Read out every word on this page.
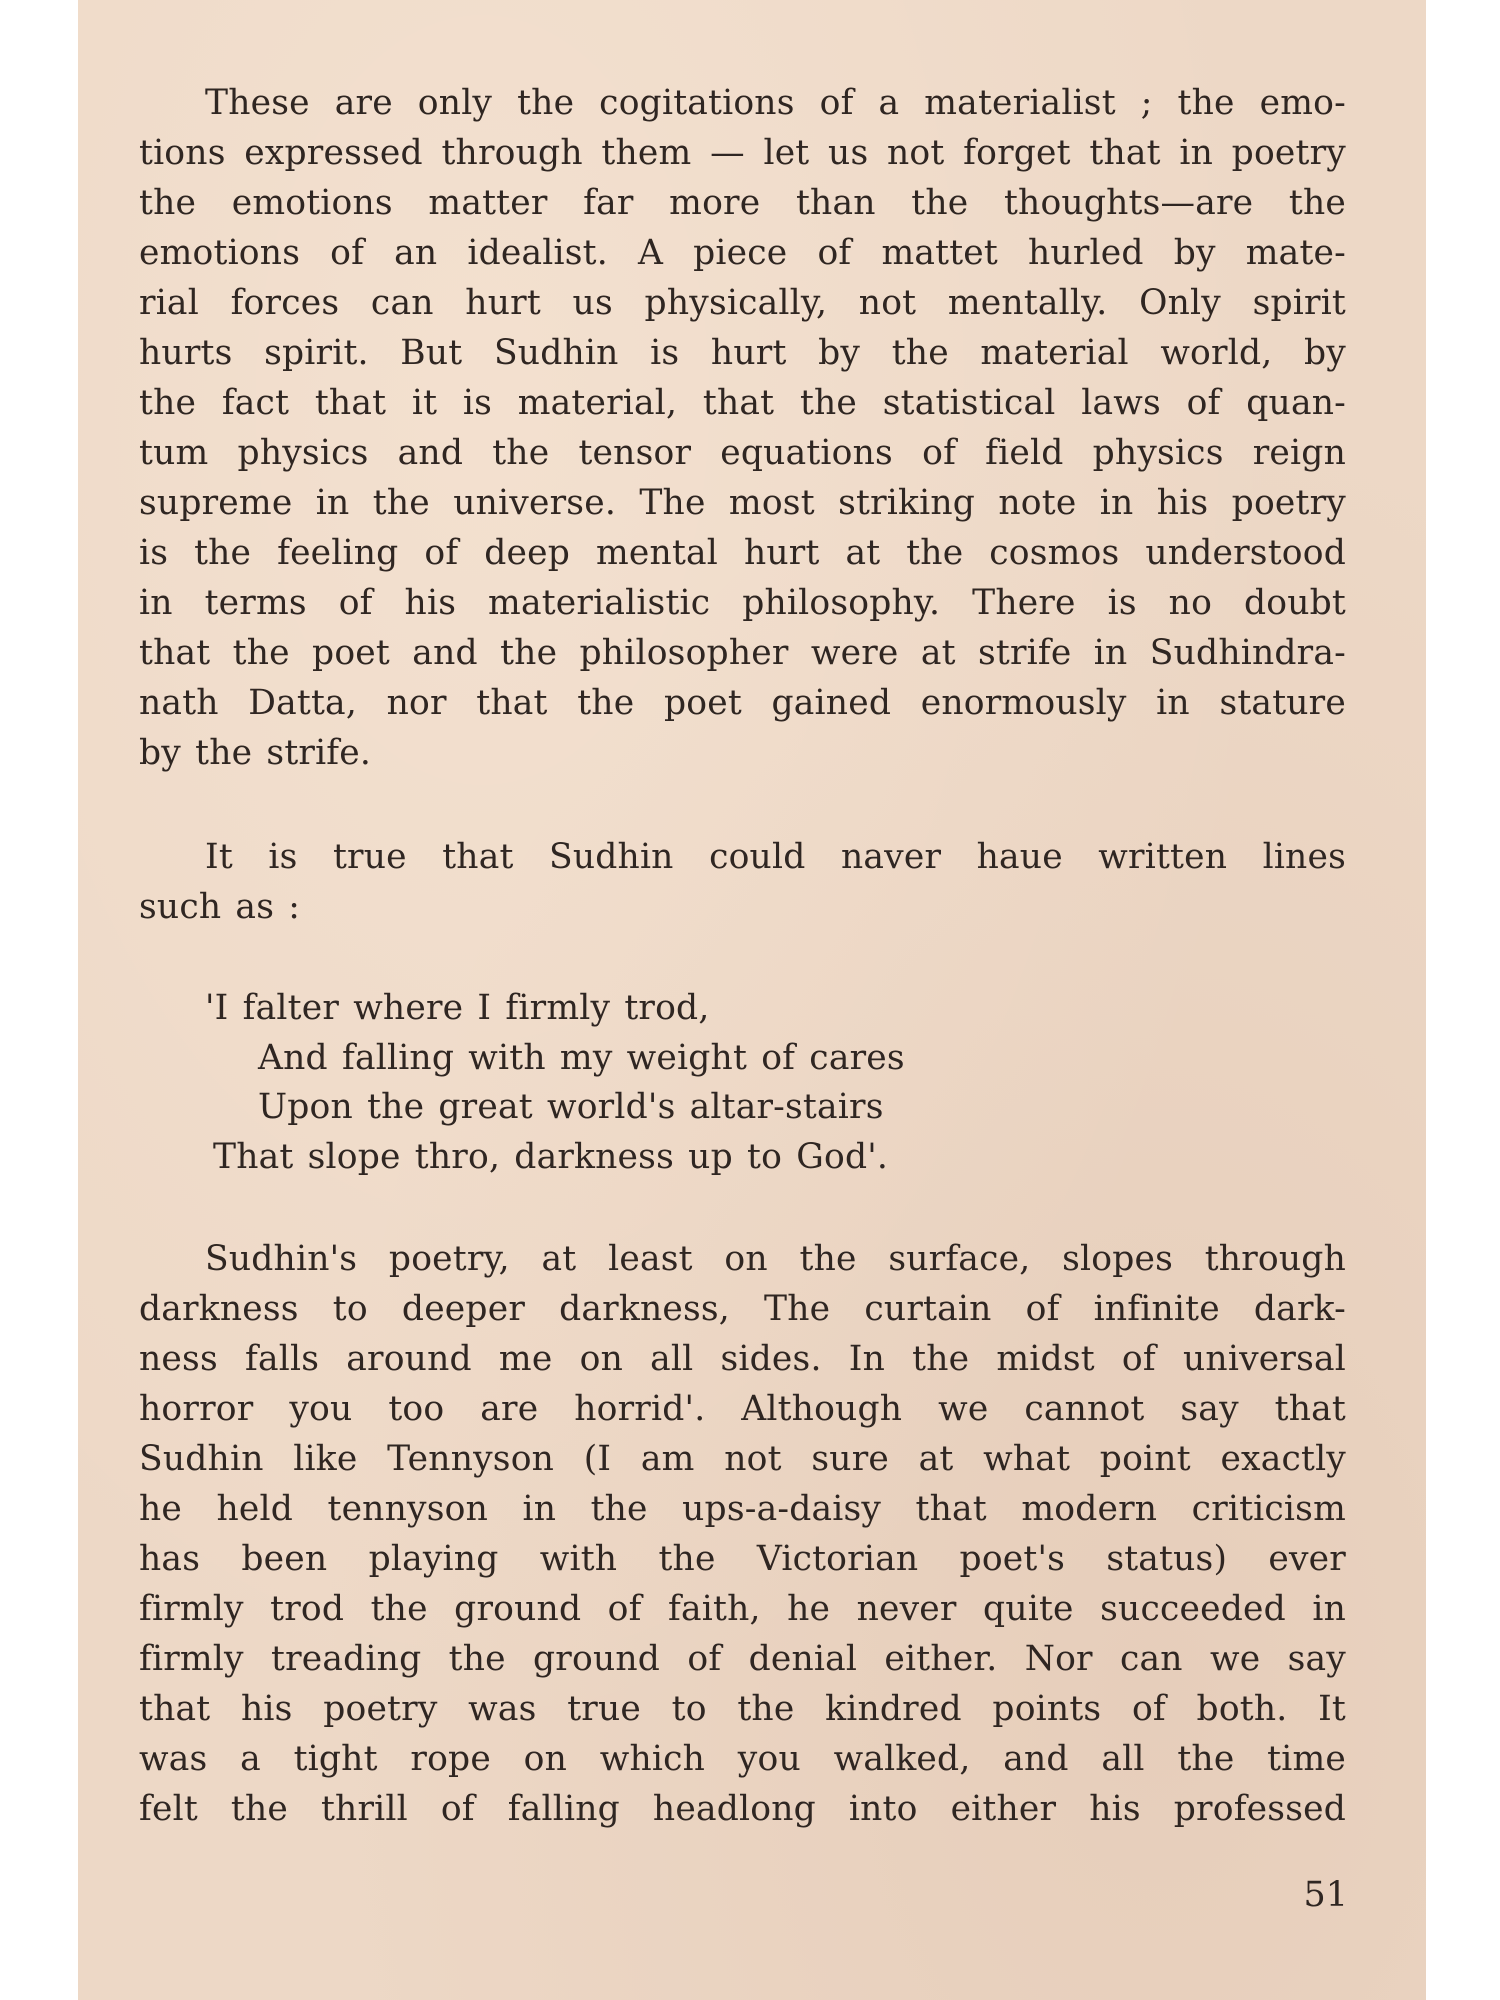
These are only the cogitations of a materialist ; the emo-
tions expressed through them — let us not forget that in poetry
the emotions matter far more than the thoughts—are the
emotions of an idealist. A piece of mattet hurled by mate-
rial forces can hurt us physically, not mentally. Only spirit
hurts spirit. But Sudhin is hurt by the material world, by
the fact that it is material, that the statistical laws of quan-
tum physics and the tensor equations of field physics reign
supreme in the universe. The most striking note in his poetry
is the feeling of deep mental hurt at the cosmos understood
in terms of his materialistic philosophy. There is no doubt
that the poet and the philosopher were at strife in Sudhindra-
nath Datta, nor that the poet gained enormously in stature
by the strife.
It is true that Sudhin could naver haue written lines
such as :
'I falter where I firmly trod,
And falling with my weight of cares
Upon the great world's altar-stairs
That slope thro, darkness up to God'.
Sudhin's poetry, at least on the surface, slopes through
darkness to deeper darkness, The curtain of infinite dark-
ness falls around me on all sides. In the midst of universal
horror you too are horrid'. Although we cannot say that
Sudhin like Tennyson (I am not sure at what point exactly
he held tennyson in the ups-a-daisy that modern criticism
has been playing with the Victorian poet's status) ever
firmly trod the ground of faith, he never quite succeeded in
firmly treading the ground of denial either. Nor can we say
that his poetry was true to the kindred points of both. It
was a tight rope on which you walked, and all the time
felt the thrill of falling headlong into either his professed
51
